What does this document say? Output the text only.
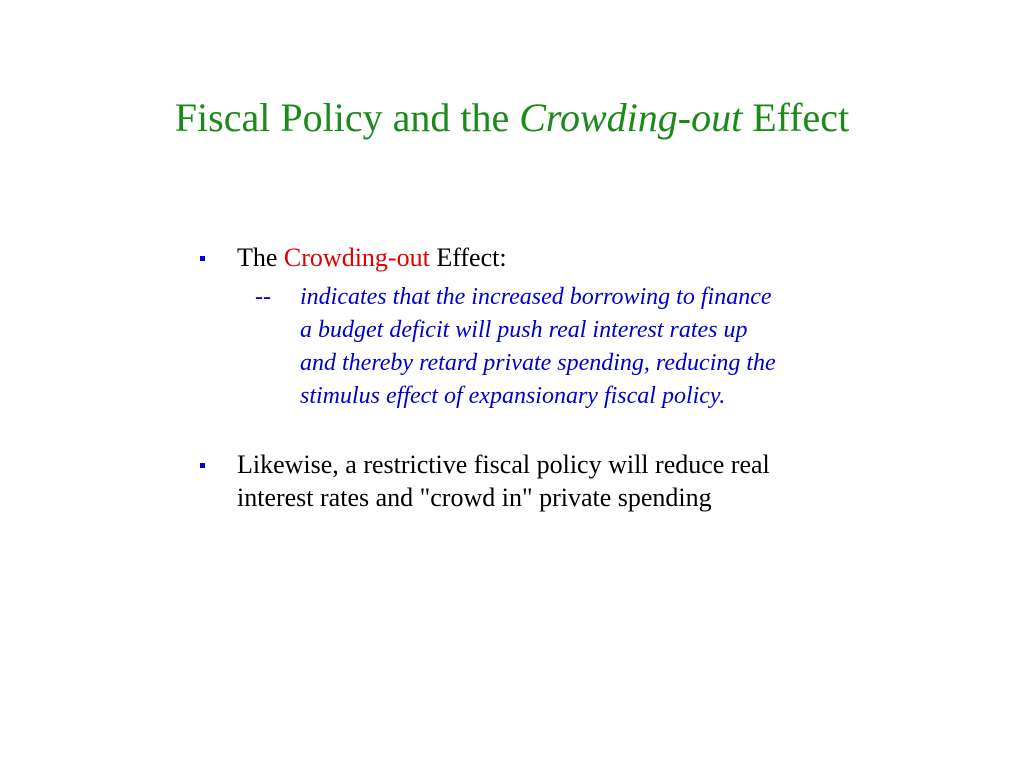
Fiscal Policy and the Crowding-out Effect
The Crowding-out Effect:
-- indicates that the increased borrowing to finance
a budget deficit will push real interest rates up
and thereby retard private spending, reducing the
stimulus effect of expansionary fiscal policy.
Likewise, a restrictive fiscal policy will reduce real
interest rates and "crowd in" private spending
